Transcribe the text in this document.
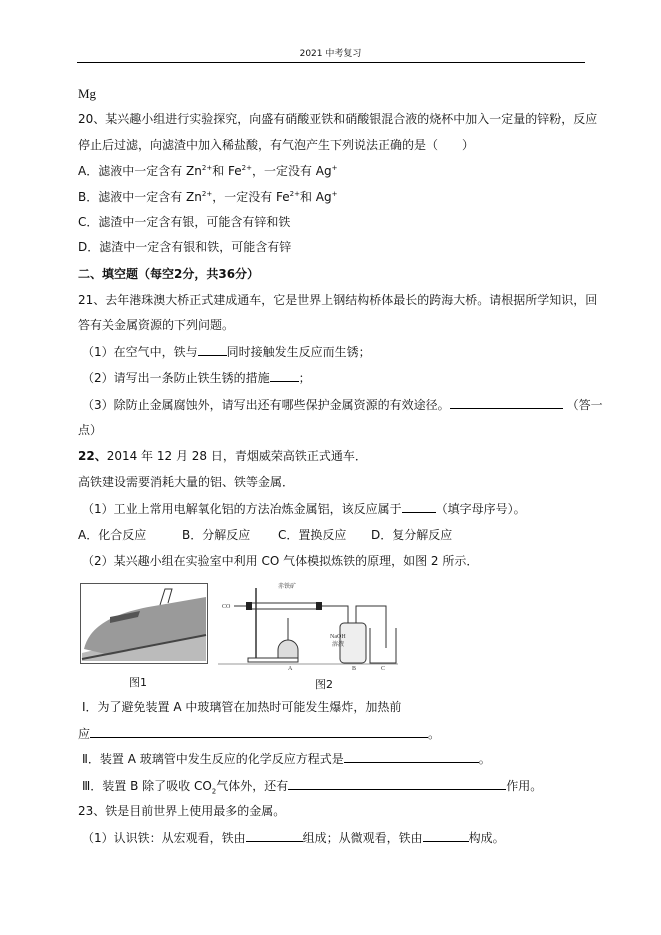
2021 中考复习
Mg
20、某兴趣小组进行实验探究，向盛有硝酸亚铁和硝酸银混合液的烧杯中加入一定量的锌粉，反应
停止后过滤，向滤渣中加入稀盐酸，有气泡产生下列说法正确的是（　　）
A．滤液中一定含有 $Zn^{2+}$和 $Fe^{2+}$，一定没有 Ag+
B．滤液中一定含有 $Zn^{2+}$，一定没有 $Fe^{2+}$和 Ag+
C．滤渣中一定含有银，可能含有锌和铁
D．滤渣中一定含有银和铁，可能含有锌
二、填空题（每空2分，共36分）
21、去年港珠澳大桥正式建成通车，它是世界上钢结构桥体最长的跨海大桥。请根据所学知识，回
答有关金属资源的下列问题。
（1）在空气中，铁与 同时接触发生反应而生锈；
（2）请写出一条防止铁生锈的措施 ；
（3）除防止金属腐蚀外，请写出还有哪些保护金属资源的有效途径。	（答一
点）
22、2014 年 12 月 28 日，青烟威荣高铁正式通车．
高铁建设需要消耗大量的铝、铁等金属．
（1）工业上常用电解氧化铝的方法冶炼金属铝，该反应属于	（填字母序号）。
A．化合反应	B．分解反应 C．置换反应 D．复分解反应
（2）某兴趣小组在实验室中利用 CO 气体模拟炼铁的原理，如图 2 所示．
图1
CO
赤铁矿
NaOH
溶液
A	B	C
图2
Ⅰ．为了避免装置 A 中玻璃管在加热时可能发生爆炸，加热前
应	。
Ⅱ．装置 A 玻璃管中发生反应的化学反应方程式是	。
Ⅲ．装置 B 除了吸收 $CO_2$气体外，还有	作用。
23、铁是目前世界上使用最多的金属。
（1）认识铁：从宏观看，铁由	组成；从微观看，铁由	构成。
